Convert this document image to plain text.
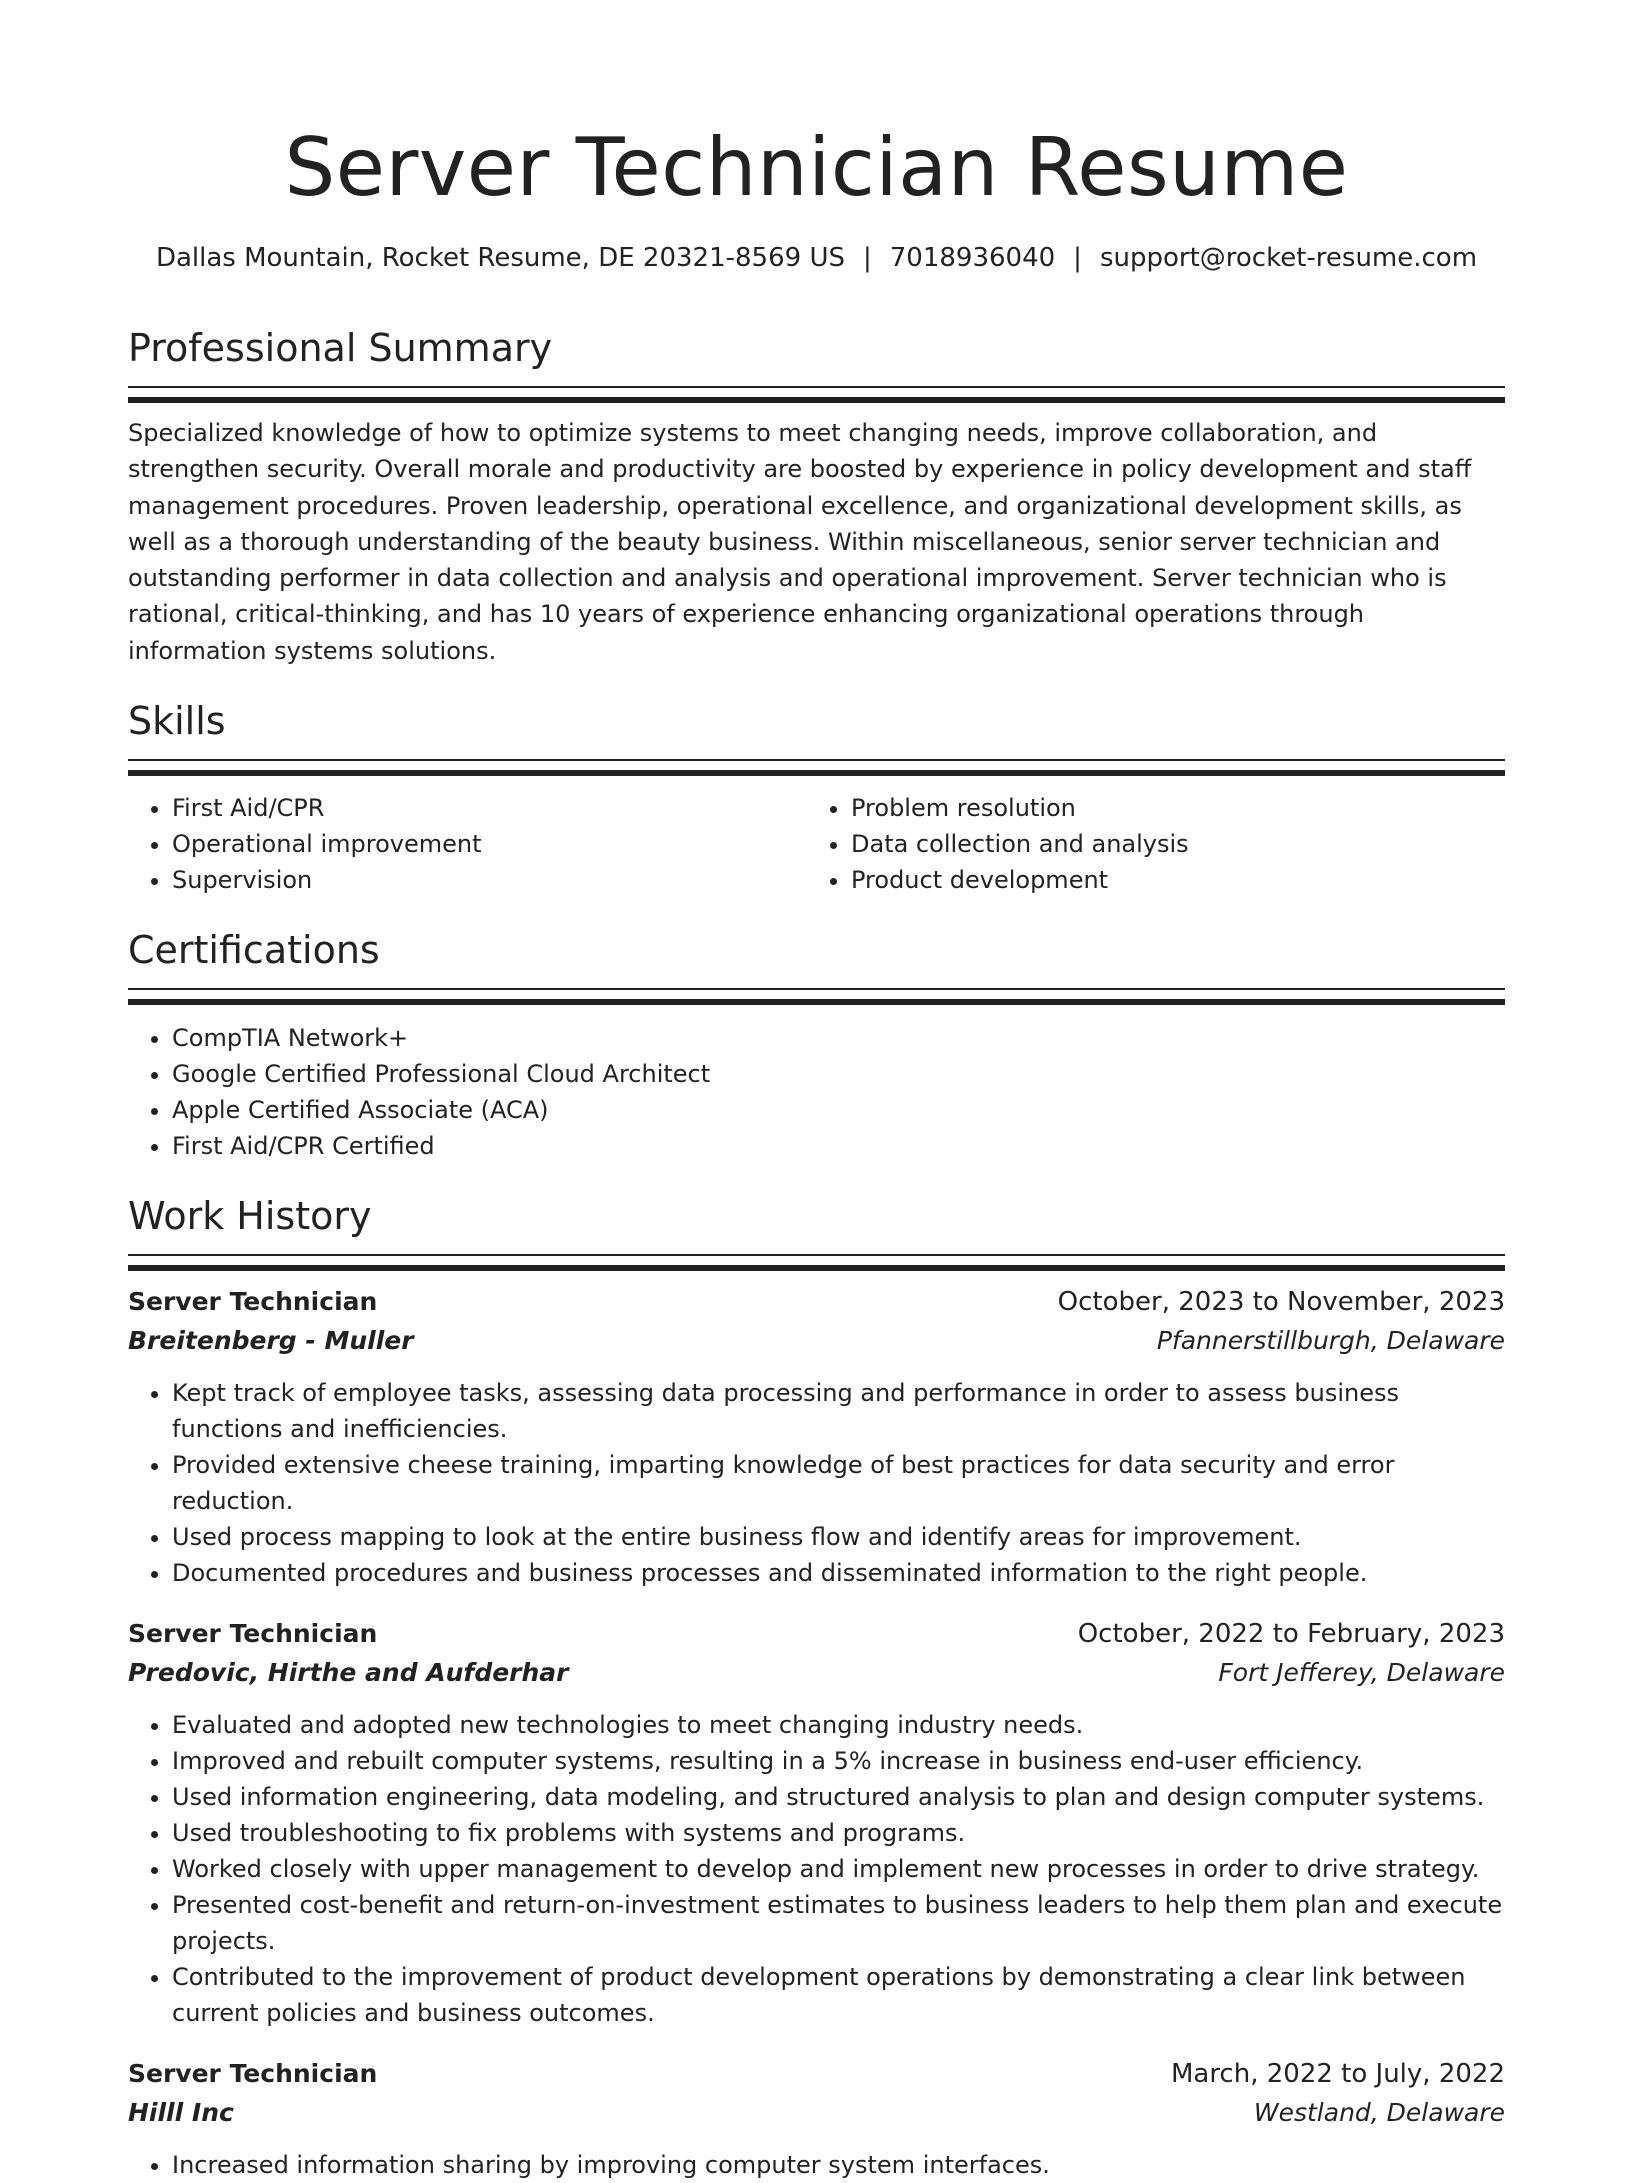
Server Technician Resume
Dallas Mountain, Rocket Resume, DE 20321-8569 US | 7018936040 | support@rocket-resume.com
Professional Summary

Specialized knowledge of how to optimize systems to meet changing needs, improve collaboration, and strengthen security. Overall morale and productivity are boosted by experience in policy development and staff management procedures. Proven leadership, operational excellence, and organizational development skills, as well as a thorough understanding of the beauty business. Within miscellaneous, senior server technician and outstanding performer in data collection and analysis and operational improvement. Server technician who is rational, critical-thinking, and has 10 years of experience enhancing organizational operations through information systems solutions.

Skills
• First Aid/CPR
• Operational improvement
• Supervision
• Problem resolution
• Data collection and analysis
• Product development
Certifications
• CompTIA Network+
• Google Certified Professional Cloud Architect
• Apple Certified Associate (ACA)
• First Aid/CPR Certified
Work History
Server Technician	October, 2023 to November, 2023
Breitenberg - Muller	Pfannerstillburgh, Delaware
• Kept track of employee tasks, assessing data processing and performance in order to assess business functions and inefficiencies.
• Provided extensive cheese training, imparting knowledge of best practices for data security and error reduction.
• Used process mapping to look at the entire business flow and identify areas for improvement.
• Documented procedures and business processes and disseminated information to the right people.
Server Technician	October, 2022 to February, 2023
Predovic, Hirthe and Aufderhar	Fort Jefferey, Delaware
• Evaluated and adopted new technologies to meet changing industry needs.
• Improved and rebuilt computer systems, resulting in a 5% increase in business end-user efficiency.
• Used information engineering, data modeling, and structured analysis to plan and design computer systems.
• Used troubleshooting to fix problems with systems and programs.
• Worked closely with upper management to develop and implement new processes in order to drive strategy.
• Presented cost-benefit and return-on-investment estimates to business leaders to help them plan and execute projects.
• Contributed to the improvement of product development operations by demonstrating a clear link between current policies and business outcomes.
Server Technician	March, 2022 to July, 2022
Hilll Inc	Westland, Delaware
• Increased information sharing by improving computer system interfaces.
